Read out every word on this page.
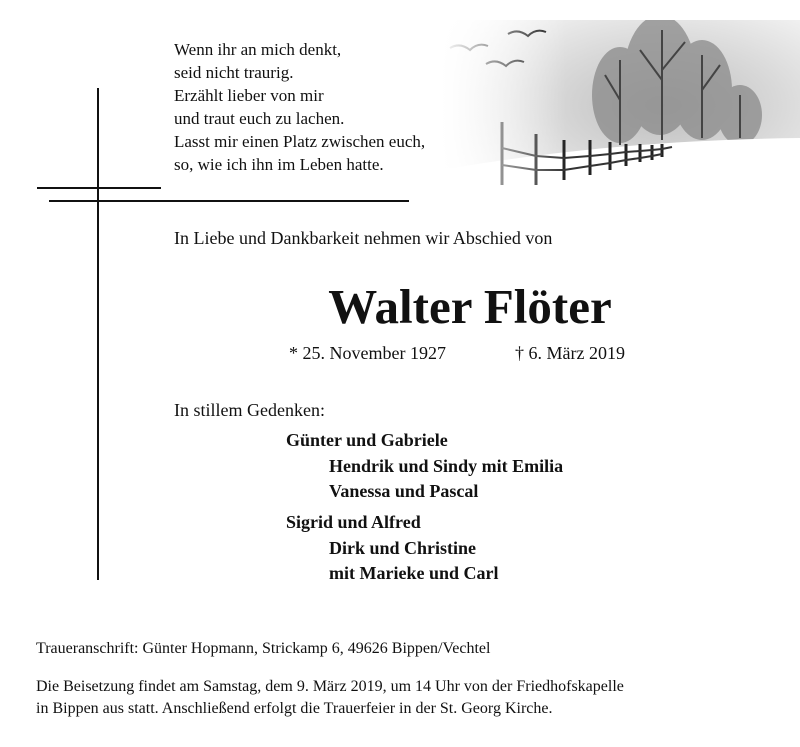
Wenn ihr an mich denkt,
seid nicht traurig.
Erzählt lieber von mir
und traut euch zu lachen.
Lasst mir einen Platz zwischen euch,
so, wie ich ihn im Leben hatte.
In Liebe und Dankbarkeit nehmen wir Abschied von
Walter Flöter
* 25. November 1927	† 6. März 2019
In stillem Gedenken:
Günter und Gabriele
Hendrik und Sindy mit Emilia
Vanessa und Pascal
Sigrid und Alfred
Dirk und Christine
mit Marieke und Carl
Traueranschrift: Günter Hopmann, Strickamp 6, 49626 Bippen/Vechtel
Die Beisetzung findet am Samstag, dem 9. März 2019, um 14 Uhr von der Friedhofskapelle
in Bippen aus statt. Anschließend erfolgt die Trauerfeier in der St. Georg Kirche.
